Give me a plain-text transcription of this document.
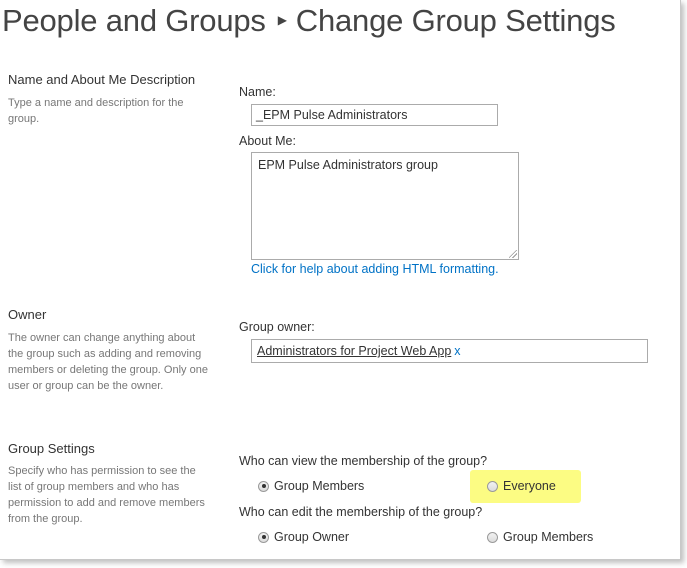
People and Groups ▶ Change Group Settings
Name and About Me Description
Type a name and description for the group.
Name:
_EPM Pulse Administrators
About Me:
EPM Pulse Administrators group
Click for help about adding HTML formatting.
Owner
The owner can change anything about the group such as adding and removing members or deleting the group. Only one user or group can be the owner.
Group owner:
Administrators for Project Web App x
Group Settings
Specify who has permission to see the list of group members and who has permission to add and remove members from the group.
Who can view the membership of the group?
Group Members	Everyone
Who can edit the membership of the group?
Group Owner	Group Members
